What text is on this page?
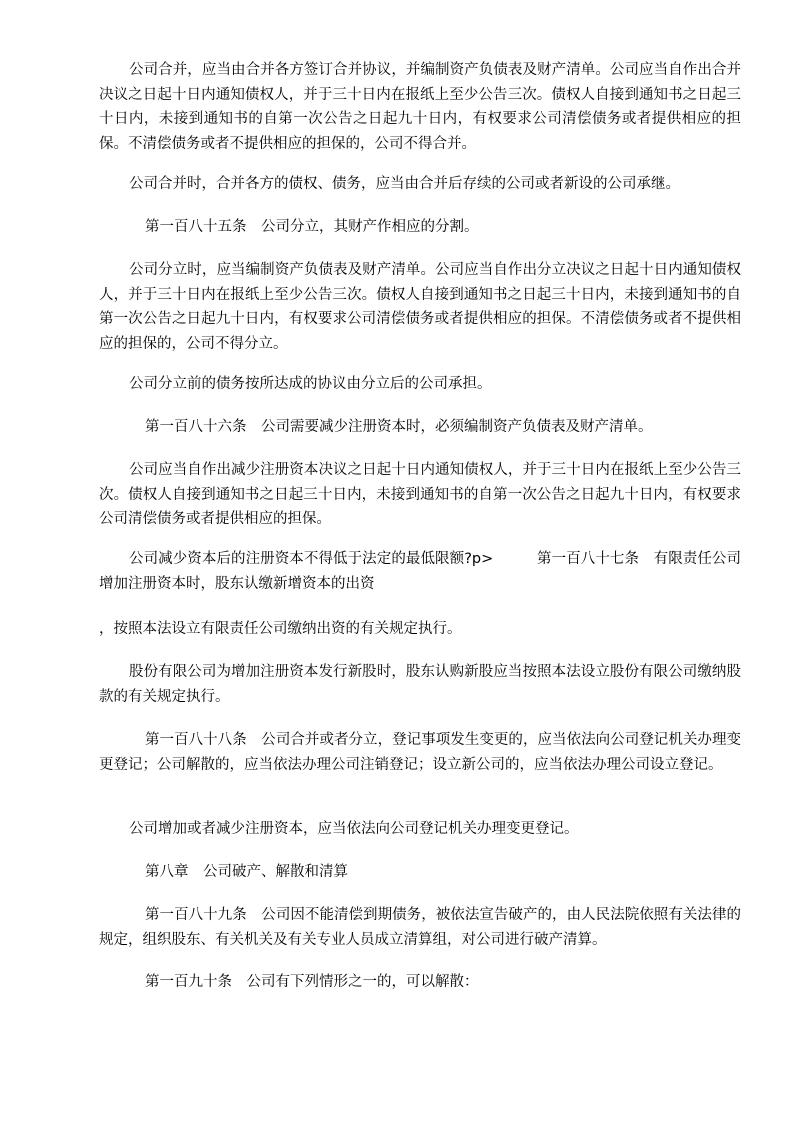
公司合并，应当由合并各方签订合并协议，并编制资产负债表及财产清单。公司应当自作出合并决议之日起十日内通知债权人，并于三十日内在报纸上至少公告三次。债权人自接到通知书之日起三十日内，未接到通知书的自第一次公告之日起九十日内，有权要求公司清偿债务或者提供相应的担保。不清偿债务或者不提供相应的担保的，公司不得合并。

公司合并时，合并各方的债权、债务，应当由合并后存续的公司或者新设的公司承继。

第一百八十五条　公司分立，其财产作相应的分割。

公司分立时，应当编制资产负债表及财产清单。公司应当自作出分立决议之日起十日内通知债权人，并于三十日内在报纸上至少公告三次。债权人自接到通知书之日起三十日内，未接到通知书的自第一次公告之日起九十日内，有权要求公司清偿债务或者提供相应的担保。不清偿债务或者不提供相应的担保的，公司不得分立。

公司分立前的债务按所达成的协议由分立后的公司承担。

第一百八十六条　公司需要减少注册资本时，必须编制资产负债表及财产清单。

公司应当自作出减少注册资本决议之日起十日内通知债权人，并于三十日内在报纸上至少公告三次。债权人自接到通知书之日起三十日内，未接到通知书的自第一次公告之日起九十日内，有权要求公司清偿债务或者提供相应的担保。

公司减少资本后的注册资本不得低于法定的最低限额?p>　　　第一百八十七条　有限责任公司增加注册资本时，股东认缴新增资本的出资

，按照本法设立有限责任公司缴纳出资的有关规定执行。

股份有限公司为增加注册资本发行新股时，股东认购新股应当按照本法设立股份有限公司缴纳股款的有关规定执行。

第一百八十八条　公司合并或者分立，登记事项发生变更的，应当依法向公司登记机关办理变更登记；公司解散的，应当依法办理公司注销登记；设立新公司的，应当依法办理公司设立登记。

公司增加或者减少注册资本，应当依法向公司登记机关办理变更登记。

第八章　公司破产、解散和清算

第一百八十九条　公司因不能清偿到期债务，被依法宣告破产的，由人民法院依照有关法律的规定，组织股东、有关机关及有关专业人员成立清算组，对公司进行破产清算。

第一百九十条　公司有下列情形之一的，可以解散：
